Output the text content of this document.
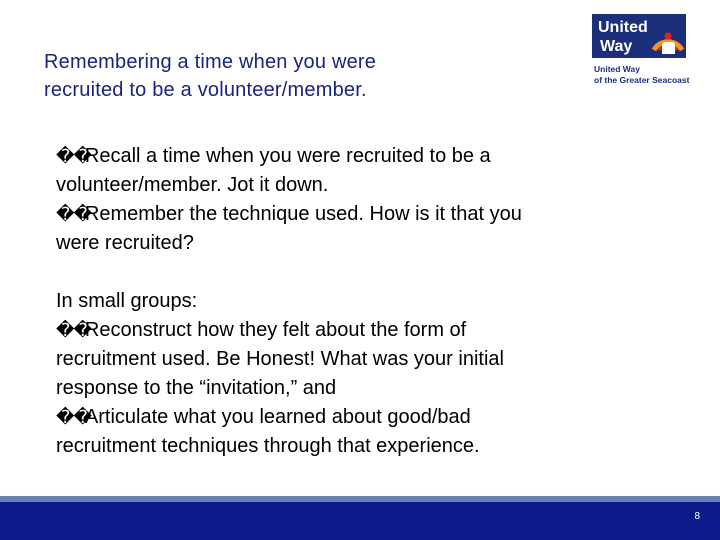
Remembering a time when you were
recruited to be a volunteer/member.
United
Way
United Way
of the Greater Seacoast
��Recall a time when you were recruited to be a
volunteer/member. Jot it down.
��Remember the technique used. How is it that you
were recruited?
In small groups:
��Reconstruct how they felt about the form of
recruitment used. Be Honest! What was your initial
response to the “invitation,” and
��Articulate what you learned about good/bad
recruitment techniques through that experience.
8
